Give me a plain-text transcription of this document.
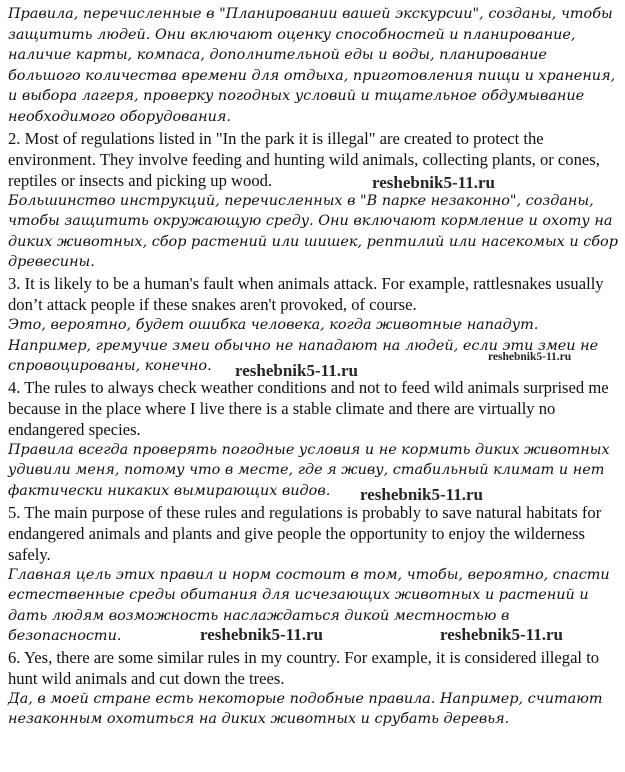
Правила, перечисленные в "Планировании вашей экскурсии", созданы, чтобы защитить людей. Они включают оценку способностей и планирование, наличие карты, компаса, дополнительной еды и воды, планирование большого количества времени для отдыха, приготовления пищи и хранения, и выбора лагеря, проверку погодных условий и тщательное обдумывание необходимого оборудования.

2. Most of regulations listed in "In the park it is illegal" are created to protect the environment. They involve feeding and hunting wild animals, collecting plants, or cones, reptiles or insects and picking up wood.

Большинство инструкций, перечисленных в "В парке незаконно", созданы, чтобы защитить окружающую среду. Они включают кормление и охоту на диких животных, сбор растений или шишек, рептилий или насекомых и сбор древесины.

3. It is likely to be a human's fault when animals attack. For example, rattlesnakes usually don’t attack people if these snakes aren't provoked, of course.

Это, вероятно, будет ошибка человека, когда животные нападут. Например, гремучие змеи обычно не нападают на людей, если эти змеи не спровоцированы, конечно.

4. The rules to always check weather conditions and not to feed wild animals surprised me because in the place where I live there is a stable climate and there are virtually no endangered species.

Правила всегда проверять погодные условия и не кормить диких животных удивили меня, потому что в месте, где я живу, стабильный климат и нет фактически никаких вымирающих видов.

5. The main purpose of these rules and regulations is probably to save natural habitats for endangered animals and plants and give people the opportunity to enjoy the wilderness safely.

Главная цель этих правил и норм состоит в том, чтобы, вероятно, спасти естественные среды обитания для исчезающих животных и растений и дать людям возможность наслаждаться дикой местностью в безопасности.

6. Yes, there are some similar rules in my country. For example, it is considered illegal to hunt wild animals and cut down the trees.

Да, в моей стране есть некоторые подобные правила. Например, считают незаконным охотиться на диких животных и срубать деревья.

reshebnik5-11.ru
reshebnik5-11.ru
reshebnik5-11.ru
reshebnik5-11.ru
reshebnik5-11.ru	reshebnik5-11.ru
